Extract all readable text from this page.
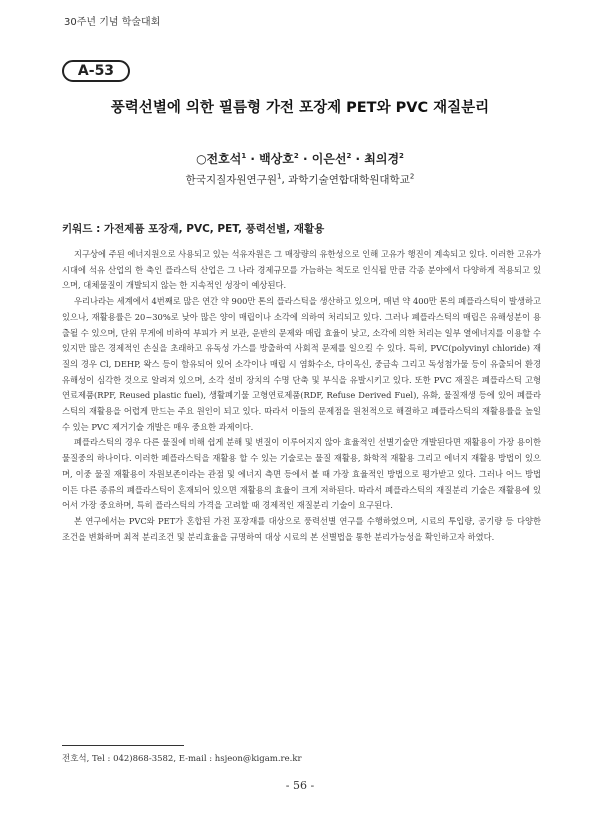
30주년 기념 학술대회
A-53
풍력선별에 의한 필름형 가전 포장제 PET와 PVC 재질분리
○전호석$^1$ · 백상호$^2$ · 이은선$^2$ · 최의경$^2$
한국지질자원연구원$^1$, 과학기술연합대학원대학교$^2$
키워드 : 가전제품 포장재, PVC, PET, 풍력선별, 재활용

지구상에 주된 에너지원으로 사용되고 있는 석유자원은 그 매장량의 유한성으로 인해 고유가 행진이 계속되고 있다. 이러한 고유가 시대에 석유 산업의 한 축인 플라스틱 산업은 그 나라 경제규모를 가늠하는 척도로 인식될 만큼 각종 분야에서 다양하게 적용되고 있으며, 대체물질이 개발되지 않는 한 지속적인 성장이 예상된다.

우리나라는 세계에서 4번째로 많은 연간 약 900만 톤의 플라스틱을 생산하고 있으며, 매년 약 400만 톤의 폐플라스틱이 발생하고 있으나, 재활용률은 20~30%로 낮아 많은 양이 매립이나 소각에 의하여 처리되고 있다. 그러나 폐플라스틱의 매립은 유해성분이 용출될 수 있으며, 단위 무게에 비하여 부피가 커 보관, 운반의 문제와 매립 효율이 낮고, 소각에 의한 처리는 일부 열에너지를 이용할 수 있지만 많은 경제적인 손실을 초래하고 유독성 가스를 방출하여 사회적 문제를 일으킬 수 있다. 특히, PVC(polyvinyl chloride) 재질의 경우 Cl, DEHP, 왁스 등이 함유되어 있어 소각이나 매립 시 염화수소, 다이옥신, 중금속 그리고 독성첨가물 등이 유출되어 환경 유해성이 심각한 것으로 알려져 있으며, 소각 설비 장치의 수명 단축 및 부식을 유발시키고 있다. 또한 PVC 재질은 폐플라스틱 고형연료제품(RPF, Reused plastic fuel), 생활폐기물 고형연료제품(RDF, Refuse Derived Fuel), 유화, 물질재생 등에 있어 폐플라스틱의 재활용을 어렵게 만드는 주요 원인이 되고 있다. 따라서 이들의 문제점을 원천적으로 해결하고 폐플라스틱의 재활용률을 높일 수 있는 PVC 제거기술 개발은 매우 중요한 과제이다.

폐플라스틱의 경우 다른 물질에 비해 쉽게 분해 및 변질이 이루어지지 않아 효율적인 선별기술만 개발된다면 재활용이 가장 용이한 물질중의 하나이다. 이러한 폐플라스틱을 재활용 할 수 있는 기술로는 물질 재활용, 화학적 재활용 그리고 에너지 재활용 방법이 있으며, 이중 물질 재활용이 자원보존이라는 관점 및 에너지 측면 등에서 볼 때 가장 효율적인 방법으로 평가받고 있다. 그러나 어느 방법이든 다른 종류의 폐플라스틱이 혼재되어 있으면 재활용의 효율이 크게 저하된다. 따라서 폐플라스틱의 재질분리 기술은 재활용에 있어서 가장 중요하며, 특히 플라스틱의 가격을 고려할 때 경제적인 재질분리 기술이 요구된다.

본 연구에서는 PVC와 PET가 혼합된 가전 포장재를 대상으로 풍력선별 연구를 수행하였으며, 시료의 투입량, 공기량 등 다양한 조건을 변화하며 최적 분리조건 및 분리효율을 규명하여 대상 시료의 본 선별법을 통한 분리가능성을 확인하고자 하였다.

전호석, Tel : 042)868-3582, E-mail : hsjeon@kigam.re.kr
- 56 -
